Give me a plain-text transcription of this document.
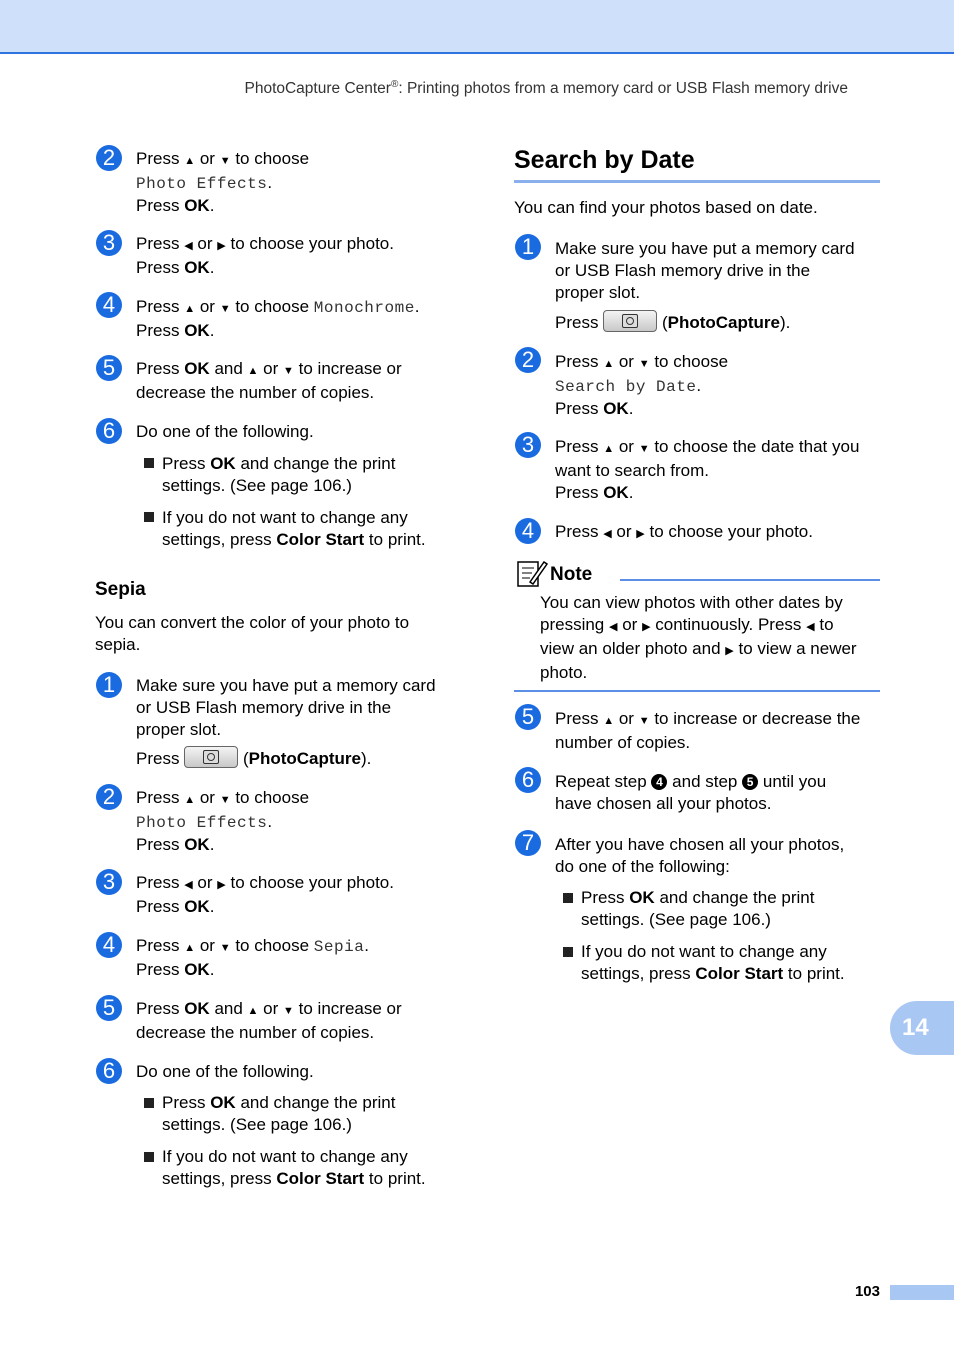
PhotoCapture Center®: Printing photos from a memory card or USB Flash memory drive
2	Press ▲ or ▼ to choose
Photo Effects.
Press OK.
3	Press ◀ or ▶ to choose your photo.
Press OK.
4	Press ▲ or ▼ to choose Monochrome.
Press OK.
5	Press OK and ▲ or ▼ to increase or
decrease the number of copies.
6	Do one of the following.
Press OK and change the print
settings. (See page 106.)
If you do not want to change any
settings, press Color Start to print.
Sepia
You can convert the color of your photo to
sepia.
1	Make sure you have put a memory card
or USB Flash memory drive in the
proper slot.
Press	(PhotoCapture).
2	Press ▲ or ▼ to choose
Photo Effects.
Press OK.
3	Press ◀ or ▶ to choose your photo.
Press OK.
4	Press ▲ or ▼ to choose Sepia.
Press OK.
5	Press OK and ▲ or ▼ to increase or
decrease the number of copies.
6	Do one of the following.
Press OK and change the print
settings. (See page 106.)
If you do not want to change any
settings, press Color Start to print.
Search by Date
You can find your photos based on date.
1	Make sure you have put a memory card
or USB Flash memory drive in the
proper slot.
Press	(PhotoCapture).
2	Press ▲ or ▼ to choose
Search by Date.
Press OK.
3	Press ▲ or ▼ to choose the date that you
want to search from.
Press OK.
4	Press ◀ or ▶ to choose your photo.
Note
You can view photos with other dates by
pressing ◀ or ▶ continuously. Press ◀ to
view an older photo and ▶ to view a newer
photo.
5	Press ▲ or ▼ to increase or decrease the
number of copies.
6	Repeat step 4 and step 5 until you
have chosen all your photos.
7	After you have chosen all your photos,
do one of the following:
Press OK and change the print
settings. (See page 106.)
If you do not want to change any
settings, press Color Start to print.
14
103
